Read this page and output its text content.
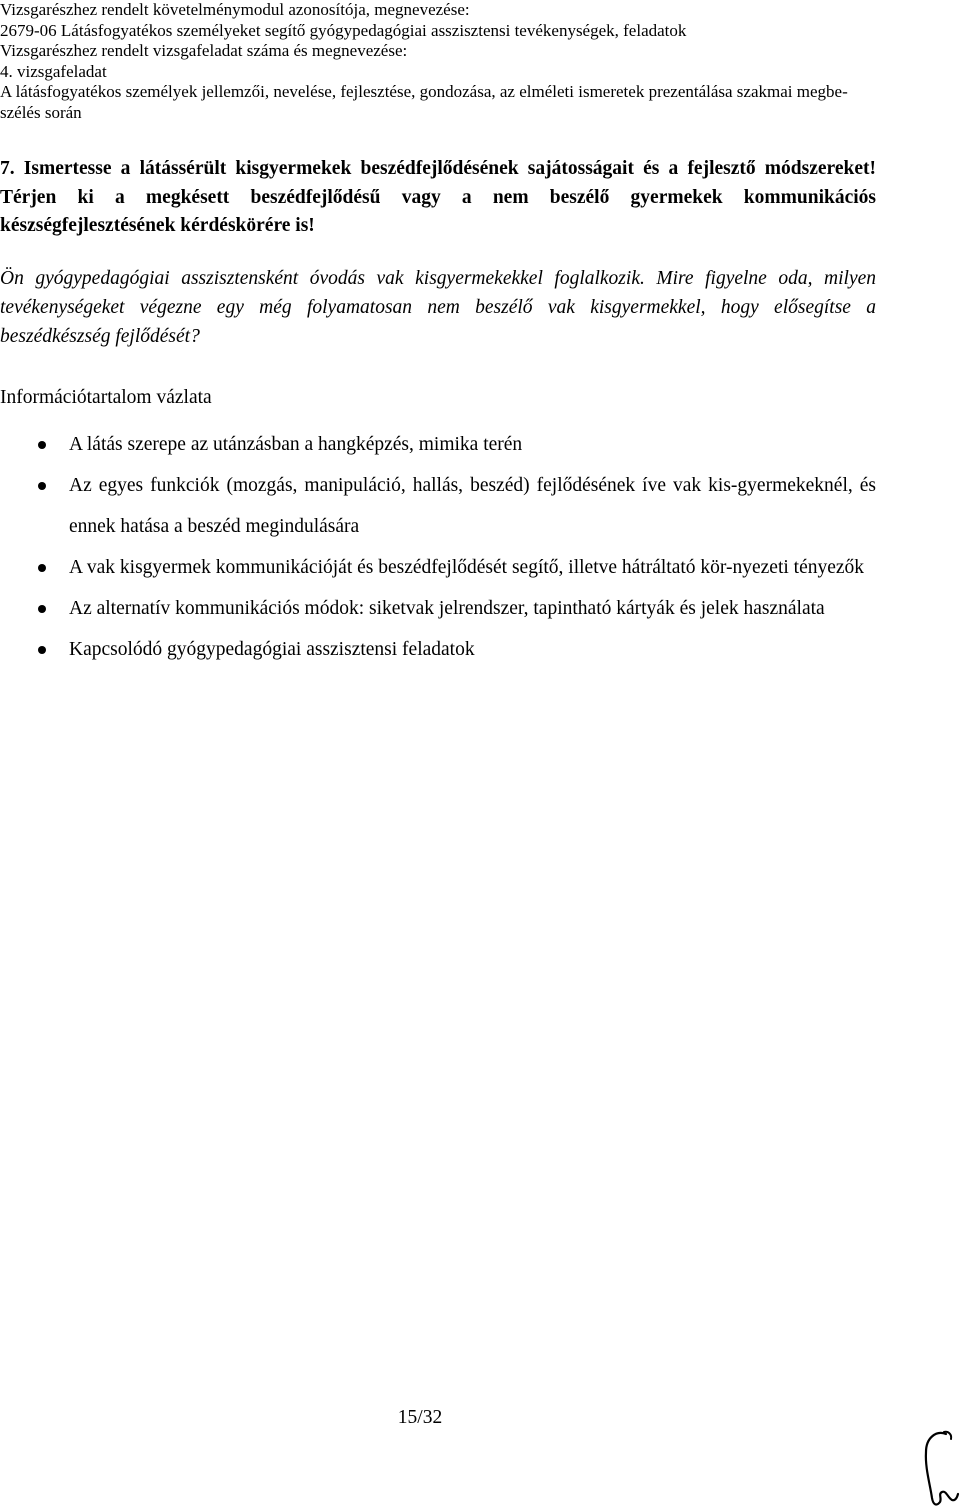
Vizsgarészhez rendelt követelménymodul azonosítója, megnevezése:
2679-06 Látásfogyatékos személyeket segítő gyógypedagógiai asszisztensi tevékenységek, feladatok
Vizsgarészhez rendelt vizsgafeladat száma és megnevezése:
4. vizsgafeladat
A látásfogyatékos személyek jellemzői, nevelése, fejlesztése, gondozása, az elméleti ismeretek prezentálása szakmai megbe-szélés során
7. Ismertesse a látássérült kisgyermekek beszédfejlődésének sajátosságait és a fejlesztő módszereket! Térjen ki a megkésett beszédfejlődésű vagy a nem beszélő gyermekek kommunikációs készségfejlesztésének kérdéskörére is!
Ön gyógypedagógiai asszisztensként óvodás vak kisgyermekekkel foglalkozik. Mire figyelne oda, milyen tevékenységeket végezne egy még folyamatosan nem beszélő vak kisgyermekkel, hogy elősegítse a beszédkészség fejlődését?
Információtartalom vázlata
A látás szerepe az utánzásban a hangképzés, mimika terén
Az egyes funkciók (mozgás, manipuláció, hallás, beszéd) fejlődésének íve vak kis-gyermekeknél, és ennek hatása a beszéd megindulására
A vak kisgyermek kommunikációját és beszédfejlődését segítő, illetve hátráltató kör-nyezeti tényezők
Az alternatív kommunikációs módok: siketvak jelrendszer, tapintható kártyák és jelek használata
Kapcsolódó gyógypedagógiai asszisztensi feladatok
15/32
